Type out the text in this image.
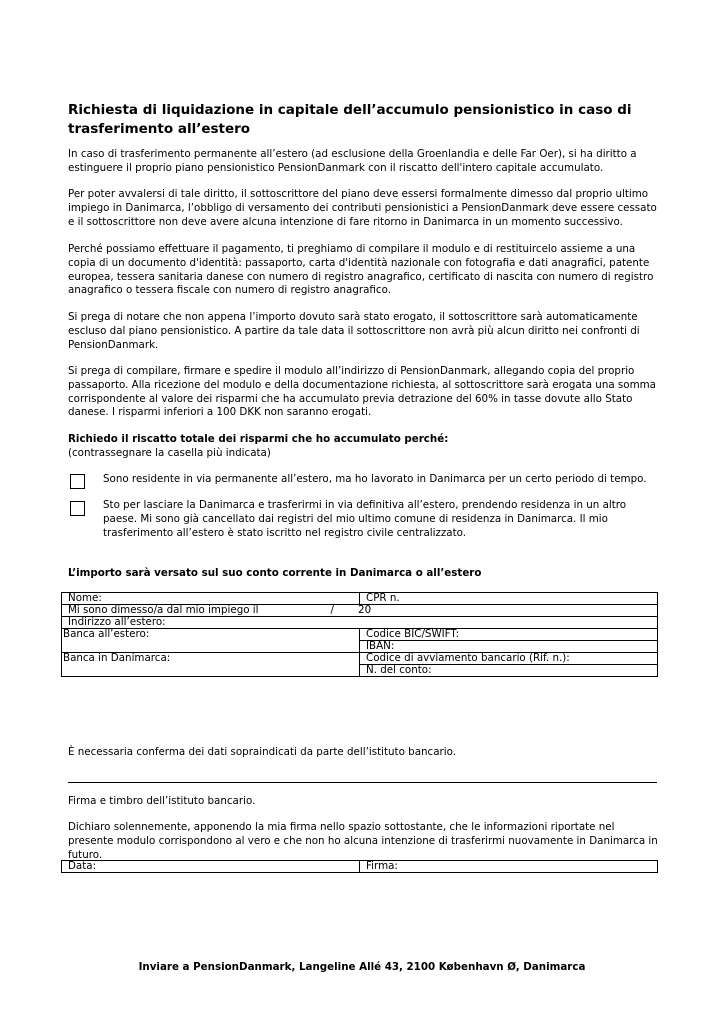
Richiesta di liquidazione in capitale dell’accumulo pensionistico in caso di trasferimento all’estero

In caso di trasferimento permanente all’estero (ad esclusione della Groenlandia e delle Far Oer), si ha diritto a estinguere il proprio piano pensionistico PensionDanmark con il riscatto dell'intero capitale accumulato.

Per poter avvalersi di tale diritto, il sottoscrittore del piano deve essersi formalmente dimesso dal proprio ultimo impiego in Danimarca, l’obbligo di versamento dei contributi pensionistici a PensionDanmark deve essere cessato e il sottoscrittore non deve avere alcuna intenzione di fare ritorno in Danimarca in un momento successivo.

Perché possiamo effettuare il pagamento, ti preghiamo di compilare il modulo e di restituircelo assieme a una copia di un documento d'identità: passaporto, carta d'identità nazionale con fotografia e dati anagrafici, patente europea, tessera sanitaria danese con numero di registro anagrafico, certificato di nascita con numero di registro anagrafico o tessera fiscale con numero di registro anagrafico.

Si prega di notare che non appena l’importo dovuto sarà stato erogato, il sottoscrittore sarà automaticamente escluso dal piano pensionistico. A partire da tale data il sottoscrittore non avrà più alcun diritto nei confronti di PensionDanmark.

Si prega di compilare, firmare e spedire il modulo all’indirizzo di PensionDanmark, allegando copia del proprio passaporto. Alla ricezione del modulo e della documentazione richiesta, al sottoscrittore sarà erogata una somma corrispondente al valore dei risparmi che ha accumulato previa detrazione del 60% in tasse dovute allo Stato danese. I risparmi inferiori a 100 DKK non saranno erogati.

Richiedo il riscatto totale dei risparmi che ho accumulato perché:

(contrassegnare la casella più indicata)

Sono residente in via permanente all’estero, ma ho lavorato in Danimarca per un certo periodo di tempo.

Sto per lasciare la Danimarca e trasferirmi in via definitiva all’estero, prendendo residenza in un altro paese. Mi sono già cancellato dai registri del mio ultimo comune di residenza in Danimarca. Il mio trasferimento all’estero è stato iscritto nel registro civile centralizzato.

L’importo sarà versato sul suo conto corrente in Danimarca o all’estero

Nome:	CPR n.
Mi sono dimesso/a dal mio impiego il / 20	
Indirizzo all’estero:	
Banca all’estero:	Codice BIC/SWIFT:
	IBAN:
Banca in Danimarca:	Codice di avviamento bancario (Rif. n.):
	N. del conto:

È necessaria conferma dei dati sopraindicati da parte dell’istituto bancario.

Firma e timbro dell’istituto bancario.

Dichiaro solennemente, apponendo la mia firma nello spazio sottostante, che le informazioni riportate nel presente modulo corrispondono al vero e che non ho alcuna intenzione di trasferirmi nuovamente in Danimarca in futuro.

Data:	Firma:
Inviare a PensionDanmark, Langeline Allé 43, 2100 København Ø, Danimarca
